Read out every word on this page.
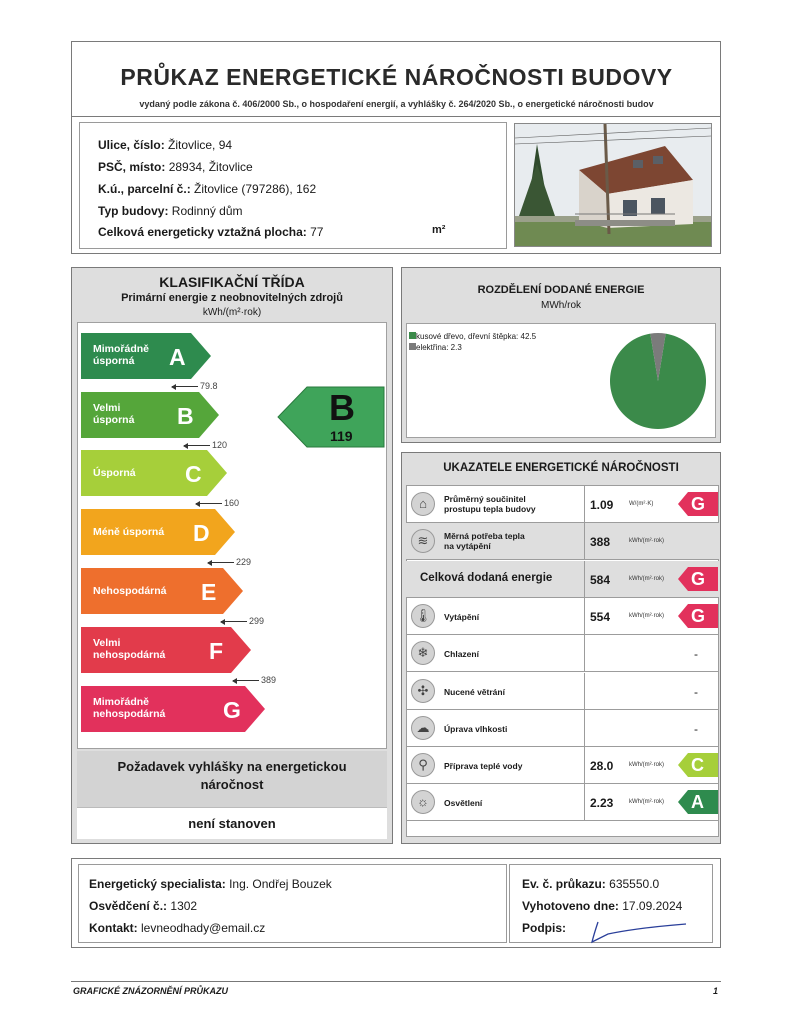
PRŮKAZ ENERGETICKÉ NÁROČNOSTI BUDOVY
vydaný podle zákona č. 406/2000 Sb., o hospodaření energií, a vyhlášky č. 264/2020 Sb., o energetické náročnosti budov
Ulice, číslo: Žitovlice, 94
PSČ, místo: 28934, Žitovlice
K.ú., parcelní č.: Žitovlice (797286), 162
Typ budovy: Rodinný dům
Celková energeticky vztažná plocha: 77	m²
KLASIFIKAČNÍ TŘÍDA
Primární energie z neobnovitelných zdrojů
kWh/(m²·rok)
Mimořádně
úsporná	A
79.8
Velmi
úsporná B
120
Úsporná C
160
Méně úsporná D
229
Nehospodárná E
299
Velmi
nehospodárná F
389
Mimořádně
nehospodárná	G
B
119
Požadavek vyhlášky na energetickou náročnost
není stanoven
ROZDĚLENÍ DODANÉ ENERGIE
MWh/rok
kusové dřevo, dřevní štěpka: 42.5
elektřina: 2.3
UKAZATELE ENERGETICKÉ NÁROČNOSTI
⌂	Průměrný součinitel
prostupu tepla budovy	1.09	W/(m²·K) G
≋	Měrná potřeba tepla
na vytápění	388	kWh/(m²·rok)
Celková dodaná energie	584	kWh/(m²·rok) G
🌡	Vytápění	554	kWh/(m²·rok) G
❄	Chlazení	-
✣	Nucené větrání	-
☁	Úprava vlhkosti	-
⚲	Příprava teplé vody	28.0	kWh/(m²·rok) C
☼	Osvětlení	2.23	kWh/(m²·rok) A
Energetický specialista: Ing. Ondřej Bouzek
Osvědčení č.: 1302
Kontakt: levneodhady@email.cz
Ev. č. průkazu: 635550.0
Vyhotoveno dne: 17.09.2024
Podpis:
GRAFICKÉ ZNÁZORNĚNÍ PRŮKAZU	1
